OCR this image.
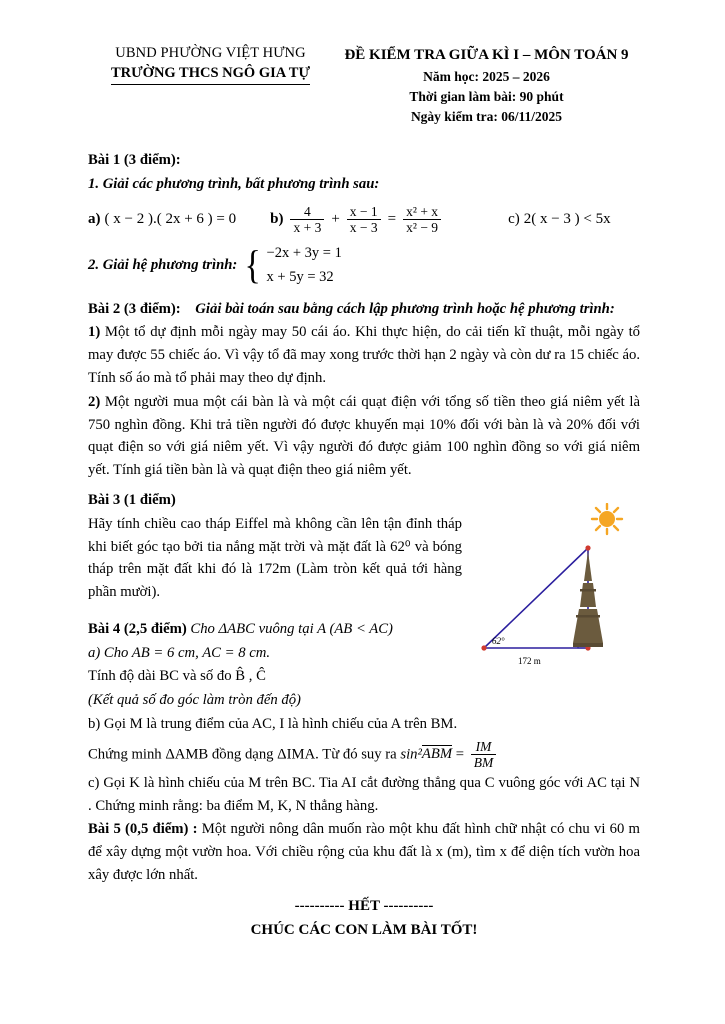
UBND PHƯỜNG VIỆT HƯNG
TRƯỜNG THCS NGÔ GIA TỰ
ĐỀ KIỂM TRA GIỮA KÌ I – MÔN TOÁN 9
Năm học: 2025 – 2026
Thời gian làm bài: 90 phút
Ngày kiểm tra: 06/11/2025

Bài 1 (3 điểm):

1. Giải các phương trình, bất phương trình sau:

a) ( x − 2 ).( 2x + 6 ) = 0 $b) \frac{4}{x + 3} + \frac{x - 1}{x - 3} = \frac{\text{x² + x}}{\text{x² − 9}}$	c) 2( x − 3 ) < 5x
2. Giải hệ phương trình: { −2x + 3y = 1
x + 5y = 32

Bài 2 (3 điểm): Giải bài toán sau bằng cách lập phương trình hoặc hệ phương trình:

1) Một tổ dự định mỗi ngày may 50 cái áo. Khi thực hiện, do cải tiến kĩ thuật, mỗi ngày tổ may được 55 chiếc áo. Vì vậy tổ đã may xong trước thời hạn 2 ngày và còn dư ra 15 chiếc áo. Tính số áo mà tổ phải may theo dự định.

2) Một người mua một cái bàn là và một cái quạt điện với tổng số tiền theo giá niêm yết là 750 nghìn đồng. Khi trả tiền người đó được khuyến mại 10% đối với bàn là và 20% đối với quạt điện so với giá niêm yết. Vì vậy người đó được giảm 100 nghìn đồng so với giá niêm yết. Tính giá tiền bàn là và quạt điện theo giá niêm yết.

Bài 3 (1 điểm)

62°
172 m

Hãy tính chiều cao tháp Eiffel mà không cần lên tận đỉnh tháp khi biết góc tạo bởi tia nắng mặt trời và mặt đất là 62⁰ và bóng tháp trên mặt đất khi đó là 172m (Làm tròn kết quả tới hàng phần mười).

Bài 4 (2,5 điểm) Cho ΔABC vuông tại A (AB < AC)

a) Cho AB = 6 cm, AC = 8 cm.

Tính độ dài BC và số đo B̂ , Ĉ

(Kết quả số đo góc làm tròn đến độ)

b) Gọi M là trung điểm của AC, I là hình chiếu của A trên BM.

Chứng minh ΔAMB đồng dạng ΔIMA. Từ đó suy ra $\sin^2ABM = \frac{IM}{BM}$

c) Gọi K là hình chiếu của M trên BC. Tia AI cắt đường thẳng qua C vuông góc với AC tại N . Chứng minh rằng: ba điểm M, K, N thẳng hàng.

Bài 5 (0,5 điểm) : Một người nông dân muốn rào một khu đất hình chữ nhật có chu vi 60 m để xây dựng một vườn hoa. Với chiều rộng của khu đất là x (m), tìm x để diện tích vườn hoa xây được lớn nhất.

---------- HẾT ----------
CHÚC CÁC CON LÀM BÀI TỐT!
